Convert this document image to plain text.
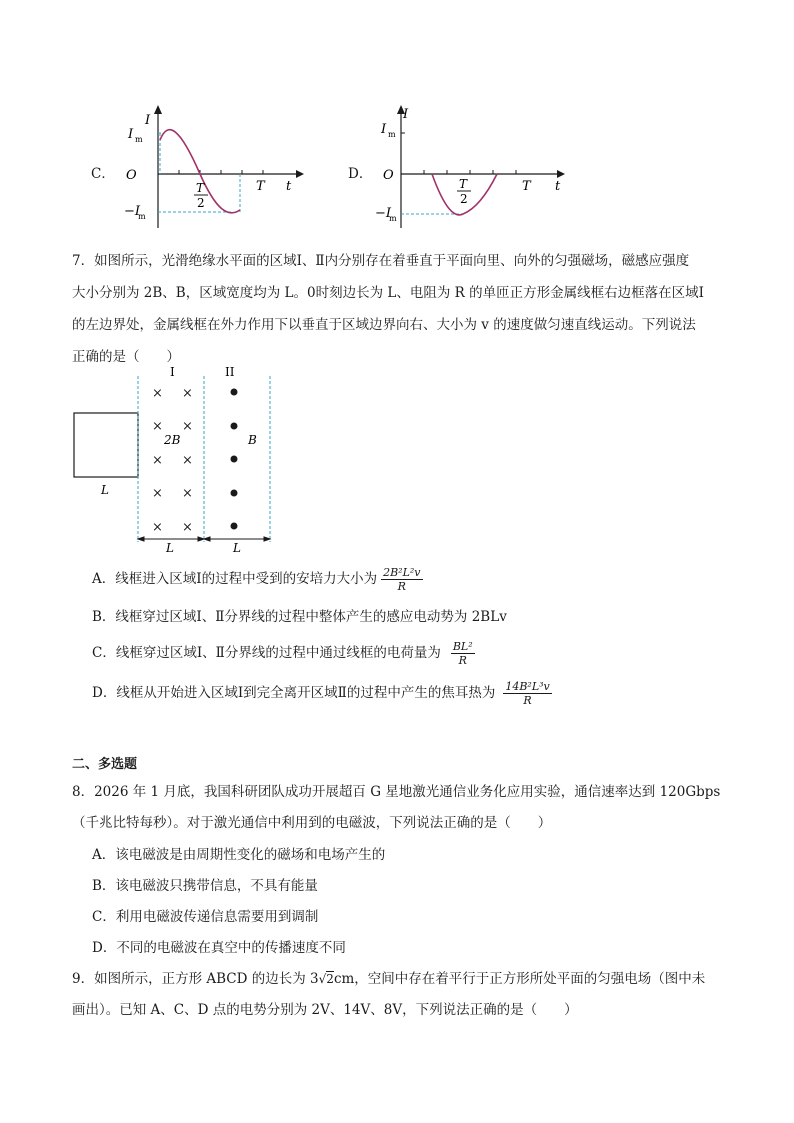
C．
I
I m
O
−I
m
T
2
T t
D．
I
I m
O
−I
m
T
2
T t
7．如图所示，光滑绝缘水平面的区域Ⅰ、Ⅱ内分别存在着垂直于平面向里、向外的匀强磁场，磁感应强度
大小分别为 2B、B，区域宽度均为 L。0时刻边长为 L、电阻为 R 的单匝正方形金属线框右边框落在区域Ⅰ
的左边界处，金属线框在外力作用下以垂直于区域边界向右、大小为 v 的速度做匀速直线运动。下列说法
正确的是（　　）
× ×
× ×
× ×
× ×
× ×
I	II
2B	B
L
L	L
A．线框进入区域Ⅰ的过程中受到的安培力大小为 $\frac{\text{2B²L²v}}{R}$
B．线框穿过区域Ⅰ、Ⅱ分界线的过程中整体产生的感应电动势为 2BLv
C．线框穿过区域Ⅰ、Ⅱ分界线的过程中通过线框的电荷量为 $\frac{\text{BL²}}{R}$
D．线框从开始进入区域Ⅰ到完全离开区域Ⅱ的过程中产生的焦耳热为 $\frac{\text{14B²L³v}}{R}$
二、多选题
8．2026 年 1 月底，我国科研团队成功开展超百 G 星地激光通信业务化应用实验，通信速率达到 120Gbps
（千兆比特每秒）。对于激光通信中利用到的电磁波，下列说法正确的是（　　）
A．该电磁波是由周期性变化的磁场和电场产生的
B．该电磁波只携带信息，不具有能量
C．利用电磁波传递信息需要用到调制
D．不同的电磁波在真空中的传播速度不同
9．如图所示，正方形 ABCD 的边长为 3√2cm，空间中存在着平行于正方形所处平面的匀强电场（图中未
画出）。已知 A、C、D 点的电势分别为 2V、14V、8V，下列说法正确的是（　　）
